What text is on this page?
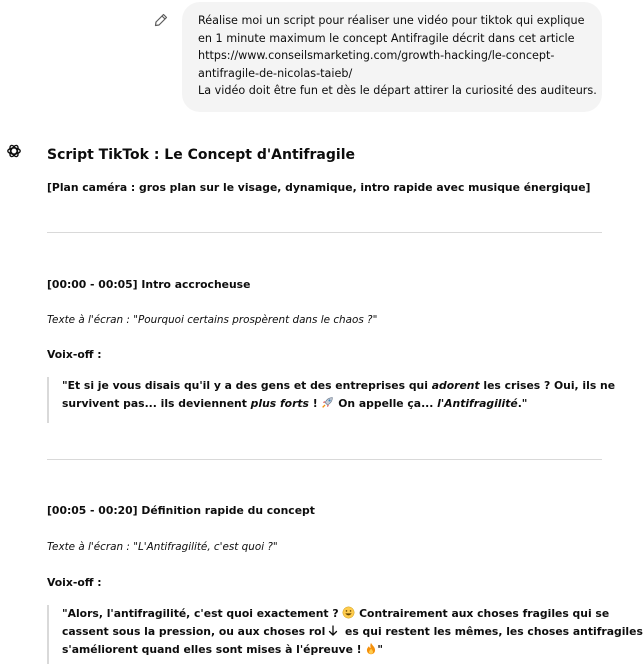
Réalise moi un script pour réaliser une vidéo pour tiktok qui explique
en 1 minute maximum le concept Antifragile décrit dans cet article
https://www.conseilsmarketing.com/growth-hacking/le-concept-
antifragile-de-nicolas-taieb/
La vidéo doit être fun et dès le départ attirer la curiosité des auditeurs.
Script TikTok : Le Concept d'Antifragile

[Plan caméra : gros plan sur le visage, dynamique, intro rapide avec musique énergique]

[00:00 - 00:05] Intro accrocheuse

Texte à l'écran : "Pourquoi certains prospèrent dans le chaos ?"

Voix-off :

"Et si je vous disais qu'il y a des gens et des entreprises qui adorent les crises ? Oui, ils ne
survivent pas... ils deviennent plus forts !  On appelle ça... l'Antifragilité."

[00:05 - 00:20] Définition rapide du concept

Texte à l'écran : "L'Antifragilité, c'est quoi ?"

Voix-off :

"Alors, l'antifragilité, c'est quoi exactement ?  Contrairement aux choses fragiles qui se
cassent sous la pression, ou aux choses rol es qui restent les mêmes, les choses antifragiles
s'améliorent quand elles sont mises à l'épreuve ! "
